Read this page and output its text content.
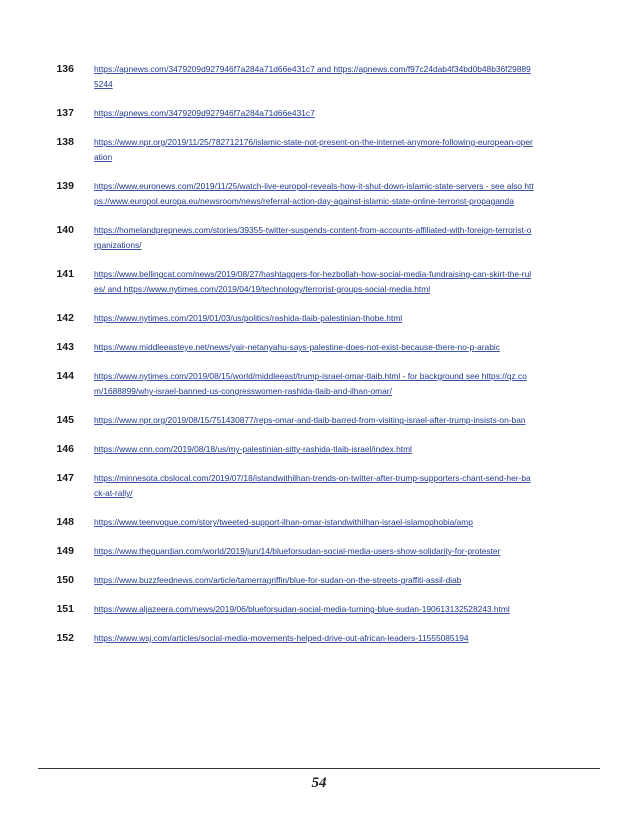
136	https://apnews.com/3479209d927946f7a284a71d66e431c7 and https://apnews.com/f97c24dab4f34bd0b48b36f298895244
137	https://apnews.com/3479209d927946f7a284a71d66e431c7
138	https://www.npr.org/2019/11/25/782712176/islamic-state-not-present-on-the-internet-anymore-following-european-operation
139	https://www.euronews.com/2019/11/25/watch-live-europol-reveals-how-it-shut-down-islamic-state-servers - see also https://www.europol.europa.eu/newsroom/news/referral-action-day-against-islamic-state-online-terrorist-propaganda
140	https://homelandprepnews.com/stories/39355-twitter-suspends-content-from-accounts-affiliated-with-foreign-terrorist-organizations/
141	https://www.bellingcat.com/news/2019/08/27/hashtaggers-for-hezbollah-how-social-media-fundraising-can-skirt-the-rules/ and https://www.nytimes.com/2019/04/19/technology/terrorist-groups-social-media.html
142	https://www.nytimes.com/2019/01/03/us/politics/rashida-tlaib-palestinian-thobe.html
143	https://www.middleeasteye.net/news/yair-netanyahu-says-palestine-does-not-exist-because-there-no-p-arabic
144	https://www.nytimes.com/2019/08/15/world/middleeast/trump-israel-omar-tlaib.html - for background see https://qz.com/1688899/why-israel-banned-us-congresswomen-rashida-tlaib-and-ilhan-omar/
145	https://www.npr.org/2019/08/15/751430877/reps-omar-and-tlaib-barred-from-visiting-israel-after-trump-insists-on-ban
146	https://www.cnn.com/2019/08/18/us/my-palestinian-sitty-rashida-tlaib-israel/index.html
147	https://minnesota.cbslocal.com/2019/07/18/istandwithilhan-trends-on-twitter-after-trump-supporters-chant-send-her-back-at-rally/
148	https://www.teenvogue.com/story/tweeted-support-ilhan-omar-istandwithilhan-israel-islamophobia/amp
149	https://www.theguardian.com/world/2019/jun/14/blueforsudan-social-media-users-show-solidarity-for-protester
150	https://www.buzzfeednews.com/article/tamerragriffin/blue-for-sudan-on-the-streets-graffiti-assil-diab
151	https://www.aljazeera.com/news/2019/06/blueforsudan-social-media-turning-blue-sudan-190613132528243.html
152	https://www.wsj.com/articles/social-media-movements-helped-drive-out-african-leaders-11555085194
54
